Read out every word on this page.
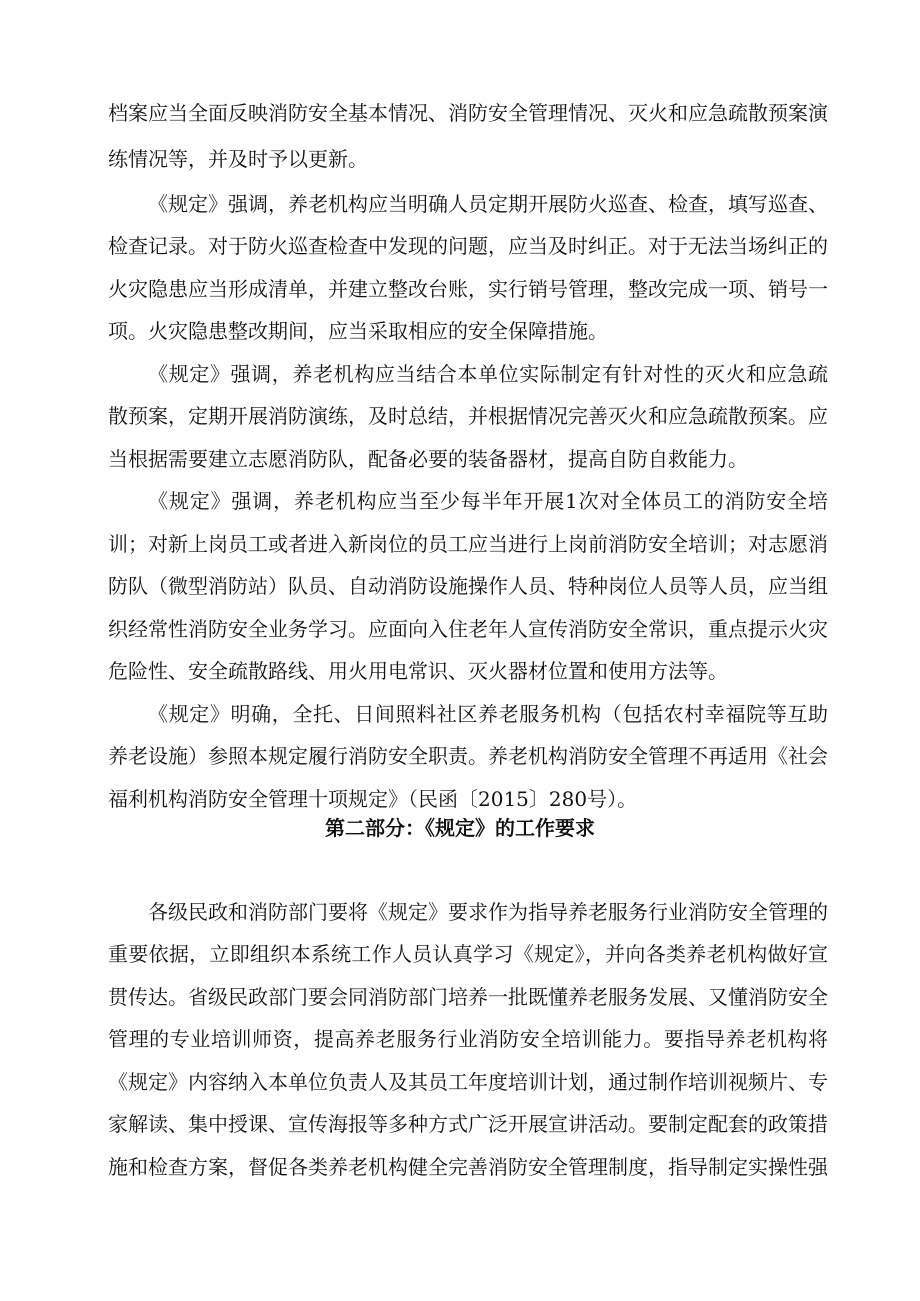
档案应当全面反映消防安全基本情况、消防安全管理情况、灭火和应急疏散预案演
练情况等，并及时予以更新。
《规定》强调，养老机构应当明确人员定期开展防火巡查、检查，填写巡查、
检查记录。对于防火巡查检查中发现的问题，应当及时纠正。对于无法当场纠正的
火灾隐患应当形成清单，并建立整改台账，实行销号管理，整改完成一项、销号一
项。火灾隐患整改期间，应当采取相应的安全保障措施。
《规定》强调，养老机构应当结合本单位实际制定有针对性的灭火和应急疏
散预案，定期开展消防演练，及时总结，并根据情况完善灭火和应急疏散预案。应
当根据需要建立志愿消防队，配备必要的装备器材，提高自防自救能力。
《规定》强调，养老机构应当至少每半年开展1次对全体员工的消防安全培
训；对新上岗员工或者进入新岗位的员工应当进行上岗前消防安全培训；对志愿消
防队（微型消防站）队员、自动消防设施操作人员、特种岗位人员等人员，应当组
织经常性消防安全业务学习。应面向入住老年人宣传消防安全常识，重点提示火灾
危险性、安全疏散路线、用火用电常识、灭火器材位置和使用方法等。
《规定》明确，全托、日间照料社区养老服务机构（包括农村幸福院等互助
养老设施）参照本规定履行消防安全职责。养老机构消防安全管理不再适用《社会
福利机构消防安全管理十项规定》（民函〔2015〕280号）。
第二部分：《规定》的工作要求
各级民政和消防部门要将《规定》要求作为指导养老服务行业消防安全管理的
重要依据，立即组织本系统工作人员认真学习《规定》，并向各类养老机构做好宣
贯传达。省级民政部门要会同消防部门培养一批既懂养老服务发展、又懂消防安全
管理的专业培训师资，提高养老服务行业消防安全培训能力。要指导养老机构将
《规定》内容纳入本单位负责人及其员工年度培训计划，通过制作培训视频片、专
家解读、集中授课、宣传海报等多种方式广泛开展宣讲活动。要制定配套的政策措
施和检查方案，督促各类养老机构健全完善消防安全管理制度，指导制定实操性强
